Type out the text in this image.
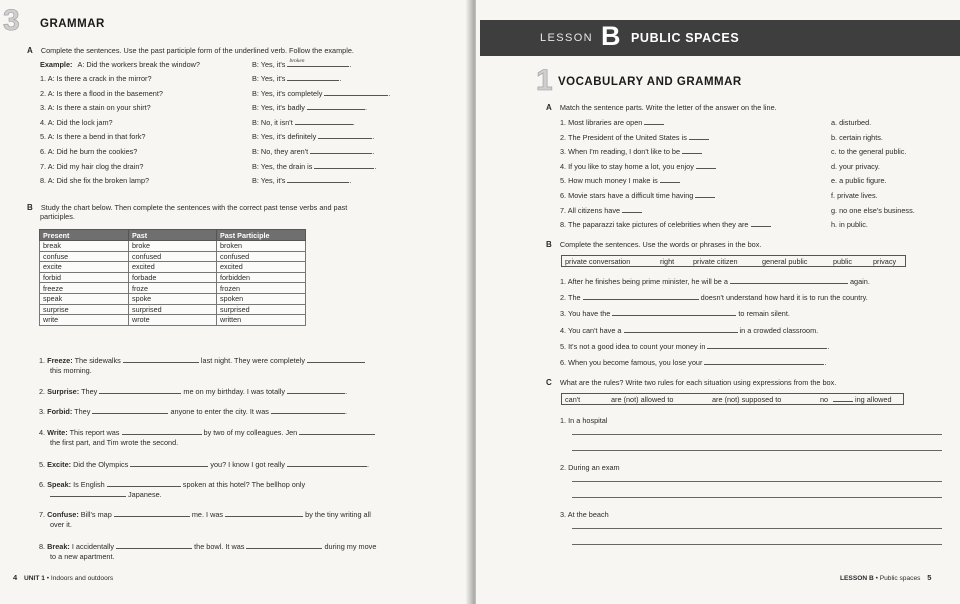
3 GRAMMAR
A Complete the sentences. Use the past participle form of the underlined verb. Follow the example.
Example: A: Did the workers break the window?	B: Yes, it's broken	.
1. A: Is there a crack in the mirror?	B: Yes, it's	.
2. A: Is there a flood in the basement?	B: Yes, it's completely	.
3. A: Is there a stain on your shirt?	B: Yes, it's badly	.
4. A: Did the lock jam?	B: No, it isn't	.
5. A: Is there a bend in that fork?	B: Yes, it's definitely	.
6. A: Did he burn the cookies?	B: No, they aren't	.
7. A: Did my hair clog the drain?	B: Yes, the drain is	.
8. A: Did she fix the broken lamp?	B: Yes, it's	.
B Study the chart below. Then complete the sentences with the correct past tense verbs and past
participles.
Present	Past	Past Participle
break	broke	broken
confuse	confused	confused
excite	excited	excited
forbid	forbade	forbidden
freeze	froze	frozen
speak	spoke	spoken
surprise	surprised	surprised
write	wrote	written
1. Freeze: The sidewalks	last night. They were completely
this morning.
2. Surprise: They	me on my birthday. I was totally	.
3. Forbid: They	anyone to enter the city. It was	.
4. Write: This report was	by two of my colleagues. Jen
the first part, and Tim wrote the second.
5. Excite: Did the Olympics	you? I know I got really	.
6. Speak: Is English	spoken at this hotel? The bellhop only
Japanese.
7. Confuse: Bill's map	me. I was	by the tiny writing all
over it.
8. Break: I accidentally	the bowl. It was	during my move
to a new apartment.
4 UNIT 1 • Indoors and outdoors
LESSON B PUBLIC SPACES
1 VOCABULARY AND GRAMMAR
A Match the sentence parts. Write the letter of the answer on the line.
1. Most libraries are open	a. disturbed.
2. The President of the United States is	b. certain rights.
3. When I'm reading, I don't like to be	c. to the general public.
4. If you like to stay home a lot, you enjoy	d. your privacy.
5. How much money I make is	e. a public figure.
6. Movie stars have a difficult time having	f. private lives.
7. All citizens have	g. no one else's business.
8. The paparazzi take pictures of celebrities when they are	h. in public.
B Complete the sentences. Use the words or phrases in the box.
private conversation	right	private citizen	general public	public	privacy
1. After he finishes being prime minister, he will be a	again.
2. The	doesn't understand how hard it is to run the country.
3. You have the	to remain silent.
4. You can't have a	in a crowded classroom.
5. It's not a good idea to count your money in	.
6. When you become famous, you lose your	.
C What are the rules? Write two rules for each situation using expressions from the box.
can't	are (not) allowed to	are (not) supposed to	no	ing allowed
1. In a hospital
2. During an exam
3. At the beach
LESSON B • Public spaces 5
